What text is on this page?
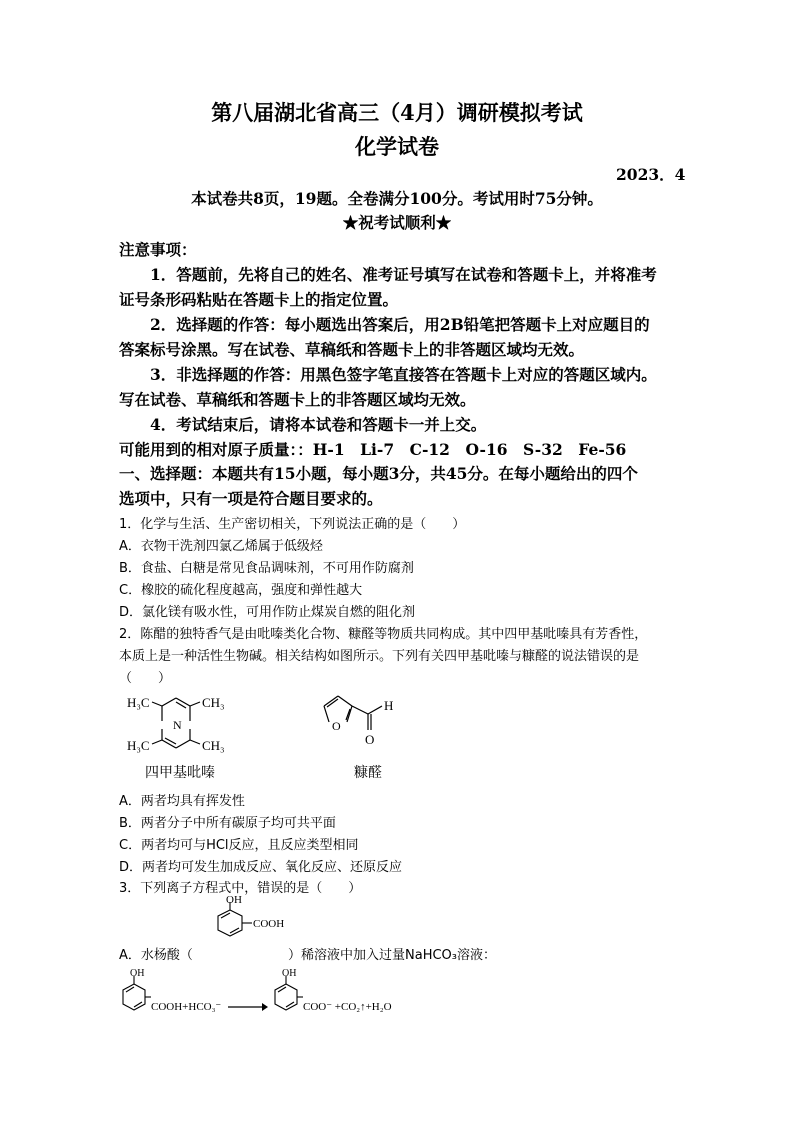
第八届湖北省高三（4月）调研模拟考试
化学试卷
2023．4
本试卷共8页，19题。全卷满分100分。考试用时75分钟。
★祝考试顺利★
注意事项：
1．答题前，先将自己的姓名、准考证号填写在试卷和答题卡上，并将准考
证号条形码粘贴在答题卡上的指定位置。
2．选择题的作答：每小题选出答案后，用2B铅笔把答题卡上对应题目的
答案标号涂黑。写在试卷、草稿纸和答题卡上的非答题区域均无效。
3．非选择题的作答：用黑色签字笔直接答在答题卡上对应的答题区域内。
写在试卷、草稿纸和答题卡上的非答题区域均无效。
4．考试结束后，请将本试卷和答题卡一并上交。
可能用到的相对原子质量：：H-1　Li-7　C-12　O-16　S-32　Fe-56
一、选择题：本题共有15小题，每小题3分，共45分。在每小题给出的四个
选项中，只有一项是符合题目要求的。
1．化学与生活、生产密切相关，下列说法正确的是（　　）
A．衣物干洗剂四氯乙烯属于低级烃
B．食盐、白糖是常见食品调味剂，不可用作防腐剂
C．橡胶的硫化程度越高，强度和弹性越大
D．氯化镁有吸水性，可用作防止煤炭自燃的阻化剂
2．陈醋的独特香气是由吡嗪类化合物、糠醛等物质共同构成。其中四甲基吡嗪具有芳香性，
本质上是一种活性生物碱。相关结构如图所示。下列有关四甲基吡嗪与糠醛的说法错误的是
（　　）
N
H₃C	CH₃
H₃C	CH₃
四甲基吡嗪
O
H
O
糠醛
A．两者均具有挥发性
B．两者分子中所有碳原子均可共平面
C．两者均可与HCl反应，且反应类型相同
D．两者均可发生加成反应、氧化反应、还原反应
3．下列离子方程式中，错误的是（　　）
OH
COOH
A．水杨酸（	）稀溶液中加入过量NaHCO₃溶液：
OH
COOH+HCO₃⁻ →
OH
COO⁻ +CO₂↑+H₂O
